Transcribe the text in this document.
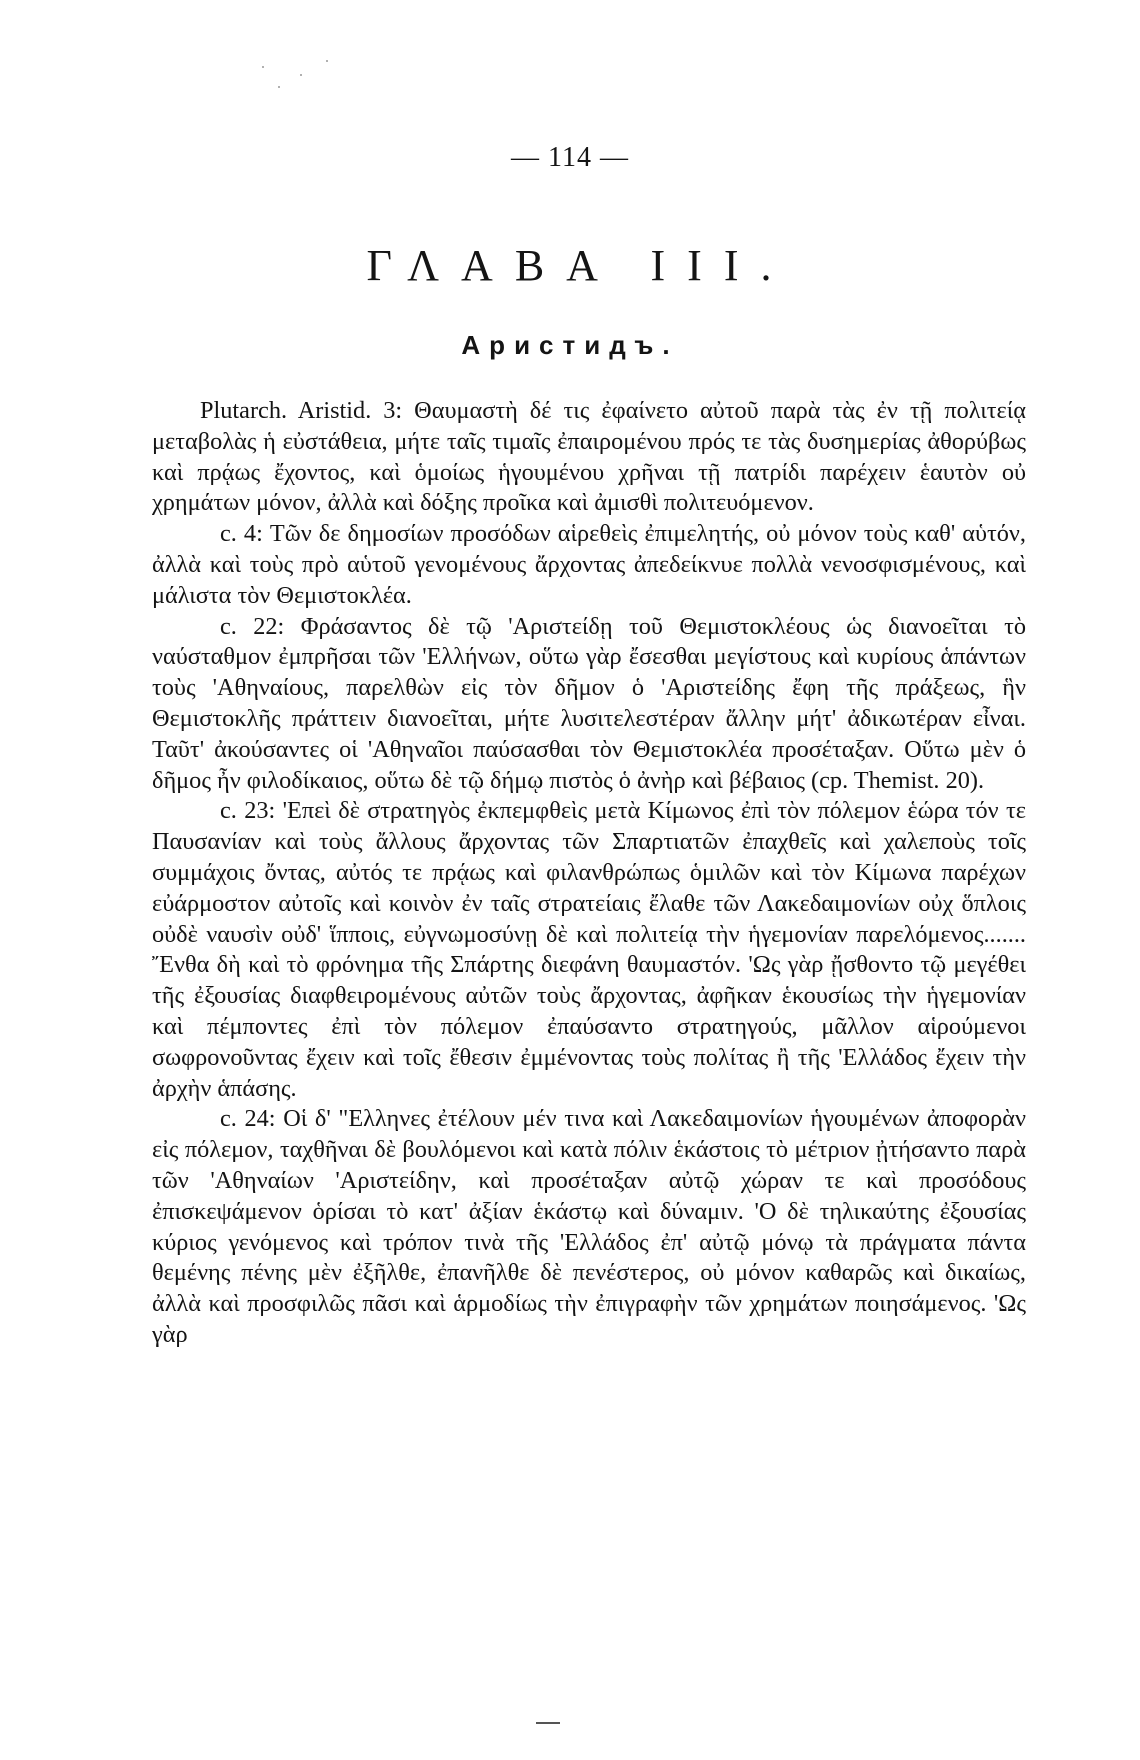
— 114 —
ΓΛΑΒΑ III.
Аристидъ.

Plutarch. Aristid. 3: Θαυμαστὴ δέ τις ἐφαίνετο αὐτοῦ παρὰ τὰς ἐν τῇ πολιτείᾳ μεταβολὰς ἡ εὐστάθεια, μήτε ταῖς τιμαῖς ἐπαιρομένου πρός τε τὰς δυσημερίας ἀθορύβως καὶ πρᾴως ἔχοντος, καὶ ὁμοίως ἡγουμένου χρῆναι τῇ πατρίδι παρέχειν ἑαυτὸν οὐ χρημάτων μόνον, ἀλλὰ καὶ δόξης προῖκα καὶ ἀμισθὶ πολιτευόμενον.

c. 4: Τῶν δε δημοσίων προσόδων αἱρεθεὶς ἐπιμελητής, οὐ μόνον τοὺς καθ' αὑτόν, ἀλλὰ καὶ τοὺς πρὸ αὑτοῦ γενομένους ἄρχοντας ἀπεδείκνυε πολλὰ νενοσφισμένους, καὶ μάλιστα τὸν Θεμιστοκλέα.

c. 22: Φράσαντος δὲ τῷ 'Αριστείδῃ τοῦ Θεμιστοκλέους ὡς διανοεῖται τὸ ναύσταθμον ἐμπρῆσαι τῶν 'Ελλήνων, οὕτω γὰρ ἔσεσθαι μεγίστους καὶ κυρίους ἁπάντων τοὺς 'Αθηναίους, παρελθὼν εἰς τὸν δῆμον ὁ 'Αριστείδης ἔφη τῆς πράξεως, ἣν Θεμιστοκλῆς πράττειν διανοεῖται, μήτε λυσιτελεστέραν ἄλλην μήτ' ἀδικωτέραν εἶναι. Ταῦτ' ἀκούσαντες οἱ 'Αθηναῖοι παύσασθαι τὸν Θεμιστοκλέα προσέταξαν. Οὕτω μὲν ὁ δῆμος ἦν φιλοδίκαιος, οὕτω δὲ τῷ δήμῳ πιστὸς ὁ ἀνὴρ καὶ βέβαιος (cp. Themist. 20).

c. 23: 'Επεὶ δὲ στρατηγὸς ἐκπεμφθεὶς μετὰ Κίμωνος ἐπὶ τὸν πόλεμον ἑώρα τόν τε Παυσανίαν καὶ τοὺς ἄλλους ἄρχοντας τῶν Σπαρτιατῶν ἐπαχθεῖς καὶ χαλεποὺς τοῖς συμμάχοις ὄντας, αὐτός τε πρᾴως καὶ φιλανθρώπως ὁμιλῶν καὶ τὸν Κίμωνα παρέχων εὐάρμοστον αὐτοῖς καὶ κοινὸν ἐν ταῖς στρατείαις ἔλαθε τῶν Λακεδαιμονίων οὐχ ὅπλοις οὐδὲ ναυσὶν οὐδ' ἵπποις, εὐγνωμοσύνῃ δὲ καὶ πολιτείᾳ τὴν ἡγεμονίαν παρελόμενος....... Ἔνθα δὴ καὶ τὸ φρόνημα τῆς Σπάρτης διεφάνη θαυμαστόν. 'Ως γὰρ ᾔσθοντο τῷ μεγέθει τῆς ἐξουσίας διαφθειρομένους αὐτῶν τοὺς ἄρχοντας, ἀφῆκαν ἑκουσίως τὴν ἡγεμονίαν καὶ πέμποντες ἐπὶ τὸν πόλεμον ἐπαύσαντο στρατηγούς, μᾶλλον αἱρούμενοι σωφρονοῦντας ἔχειν καὶ τοῖς ἔθεσιν ἐμμένοντας τοὺς πολίτας ἢ τῆς 'Ελλάδος ἔχειν τὴν ἀρχὴν ἁπάσης.

c. 24: Οἱ δ' "Ελληνες ἐτέλουν μέν τινα καὶ Λακεδαιμονίων ἡγουμένων ἀποφορὰν εἰς πόλεμον, ταχθῆναι δὲ βουλόμενοι καὶ κατὰ πόλιν ἑκάστοις τὸ μέτριον ᾐτήσαντο παρὰ τῶν 'Αθηναίων 'Αριστείδην, καὶ προσέταξαν αὐτῷ χώραν τε καὶ προσόδους ἐπισκεψάμενον ὁρίσαι τὸ κατ' ἀξίαν ἑκάστῳ καὶ δύναμιν. 'Ο δὲ τηλικαύτης ἐξουσίας κύριος γενόμενος καὶ τρόπον τινὰ τῆς 'Ελλάδος ἐπ' αὐτῷ μόνῳ τὰ πράγματα πάντα θεμένης πένης μὲν ἐξῆλθε, ἐπανῆλθε δὲ πενέστερος, οὐ μόνον καθαρῶς καὶ δικαίως, ἀλλὰ καὶ προσφιλῶς πᾶσι καὶ ἁρμοδίως τὴν ἐπιγραφὴν τῶν χρημάτων ποιησάμενος. 'Ως γὰρ
